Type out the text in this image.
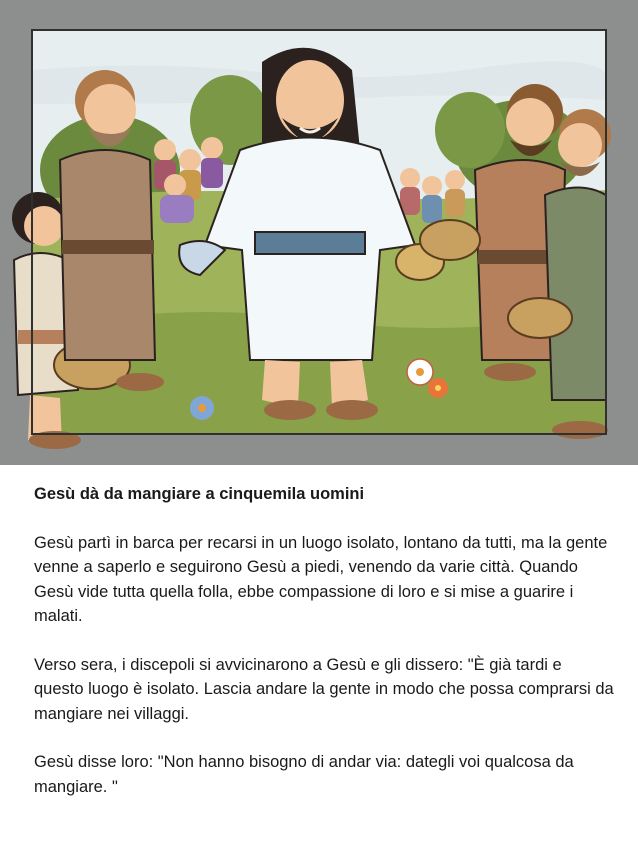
Gesù dà da mangiare a cinquemila uomini

Gesù partì in barca per recarsi in un luogo isolato, lontano da tutti, ma la gente venne a saperlo e seguirono Gesù a piedi, venendo da varie città. Quando Gesù vide tutta quella folla, ebbe compassione di loro e si mise a guarire i malati.

Verso sera, i discepoli si avvicinarono a Gesù e gli dissero: "È già tardi e questo luogo è isolato. Lascia andare la gente in modo che possa comprarsi da mangiare nei villaggi.

Gesù disse loro: "Non hanno bisogno di andar via: dategli voi qualcosa da mangiare. "
